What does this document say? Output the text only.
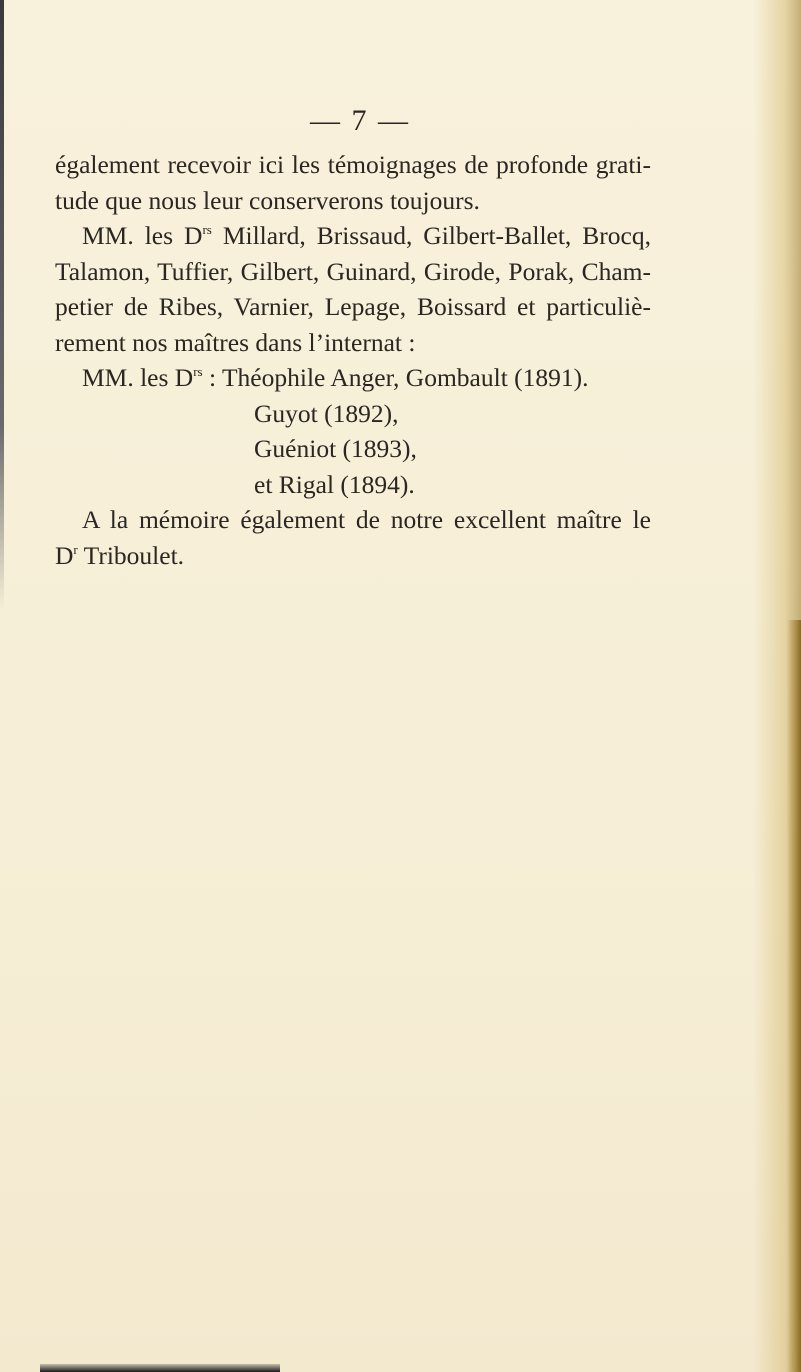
— 7 —
également recevoir ici les témoignages de profonde grati-
tude que nous leur conserverons toujours.
MM. les $D^{rs}$ Millard, Brissaud, Gilbert-Ballet, Brocq,
Talamon, Tuffier, Gilbert, Guinard, Girode, Porak, Cham-
petier de Ribes, Varnier, Lepage, Boissard et particuliè-
rement nos maîtres dans l’internat :
MM. les $D^{rs}$ : Théophile Anger, Gombault (1891).
Guyot (1892),
Guéniot (1893),
et Rigal (1894).
A la mémoire également de notre excellent maître le
$D^r$ Triboulet.
